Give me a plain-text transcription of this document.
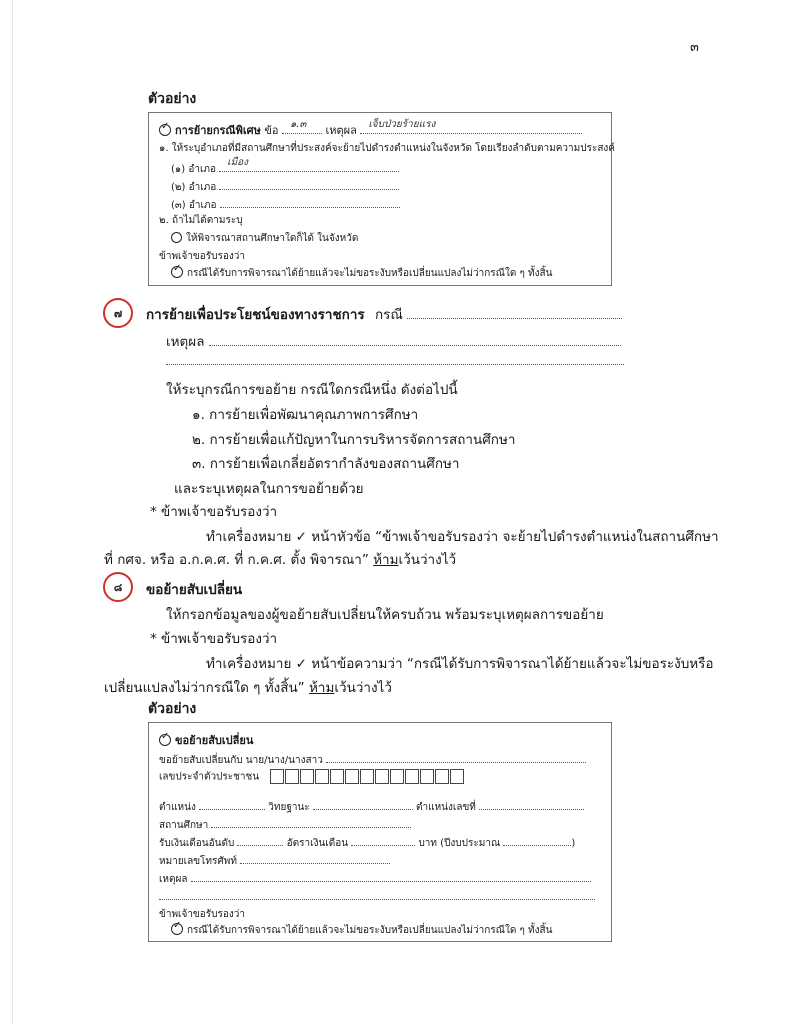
๓
ตัวอย่าง
✓การย้ายกรณีพิเศษ ข้อ ๑.๓ เหตุผล เจ็บป่วยร้ายแรง
๑. ให้ระบุอำเภอที่มีสถานศึกษาที่ประสงค์จะย้ายไปดำรงตำแหน่งในจังหวัด โดยเรียงลำดับตามความประสงค์
(๑) อำเภอ
เมือง
(๒) อำเภอ
(๓) อำเภอ
๒. ถ้าไม่ได้ตามระบุ
ให้พิจารณาสถานศึกษาใดก็ได้ ในจังหวัด
ข้าพเจ้าขอรับรองว่า
✓กรณีได้รับการพิจารณาได้ย้ายแล้วจะไม่ขอระงับหรือเปลี่ยนแปลงไม่ว่ากรณีใด ๆ ทั้งสิ้น
๗	การย้ายเพื่อประโยชน์ของทางราชการ กรณี
เหตุผล
ให้ระบุกรณีการขอย้าย กรณีใดกรณีหนึ่ง ดังต่อไปนี้
๑. การย้ายเพื่อพัฒนาคุณภาพการศึกษา
๒. การย้ายเพื่อแก้ปัญหาในการบริหารจัดการสถานศึกษา
๓. การย้ายเพื่อเกลี่ยอัตรากำลังของสถานศึกษา
และระบุเหตุผลในการขอย้ายด้วย
* ข้าพเจ้าขอรับรองว่า
ทำเครื่องหมาย ✓ หน้าหัวข้อ “ข้าพเจ้าขอรับรองว่า จะย้ายไปดำรงตำแหน่งในสถานศึกษา
ที่ กศจ. หรือ อ.ก.ค.ศ. ที่ ก.ค.ศ. ตั้ง พิจารณา” ห้ามเว้นว่างไว้
๘	ขอย้ายสับเปลี่ยน
ให้กรอกข้อมูลของผู้ขอย้ายสับเปลี่ยนให้ครบถ้วน พร้อมระบุเหตุผลการขอย้าย
* ข้าพเจ้าขอรับรองว่า
ทำเครื่องหมาย ✓ หน้าข้อความว่า “กรณีได้รับการพิจารณาได้ย้ายแล้วจะไม่ขอระงับหรือ
เปลี่ยนแปลงไม่ว่ากรณีใด ๆ ทั้งสิ้น” ห้ามเว้นว่างไว้
ตัวอย่าง
✓ขอย้ายสับเปลี่ยน
ขอย้ายสับเปลี่ยนกับ นาย/นาง/นางสาว
เลขประจำตัวประชาชน
ตำแหน่ง	วิทยฐานะ	ตำแหน่งเลขที่
สถานศึกษา
รับเงินเดือนอันดับ	อัตราเงินเดือน	บาท (ปีงบประมาณ	)
หมายเลขโทรศัพท์
เหตุผล
ข้าพเจ้าขอรับรองว่า
✓กรณีได้รับการพิจารณาได้ย้ายแล้วจะไม่ขอระงับหรือเปลี่ยนแปลงไม่ว่ากรณีใด ๆ ทั้งสิ้น
